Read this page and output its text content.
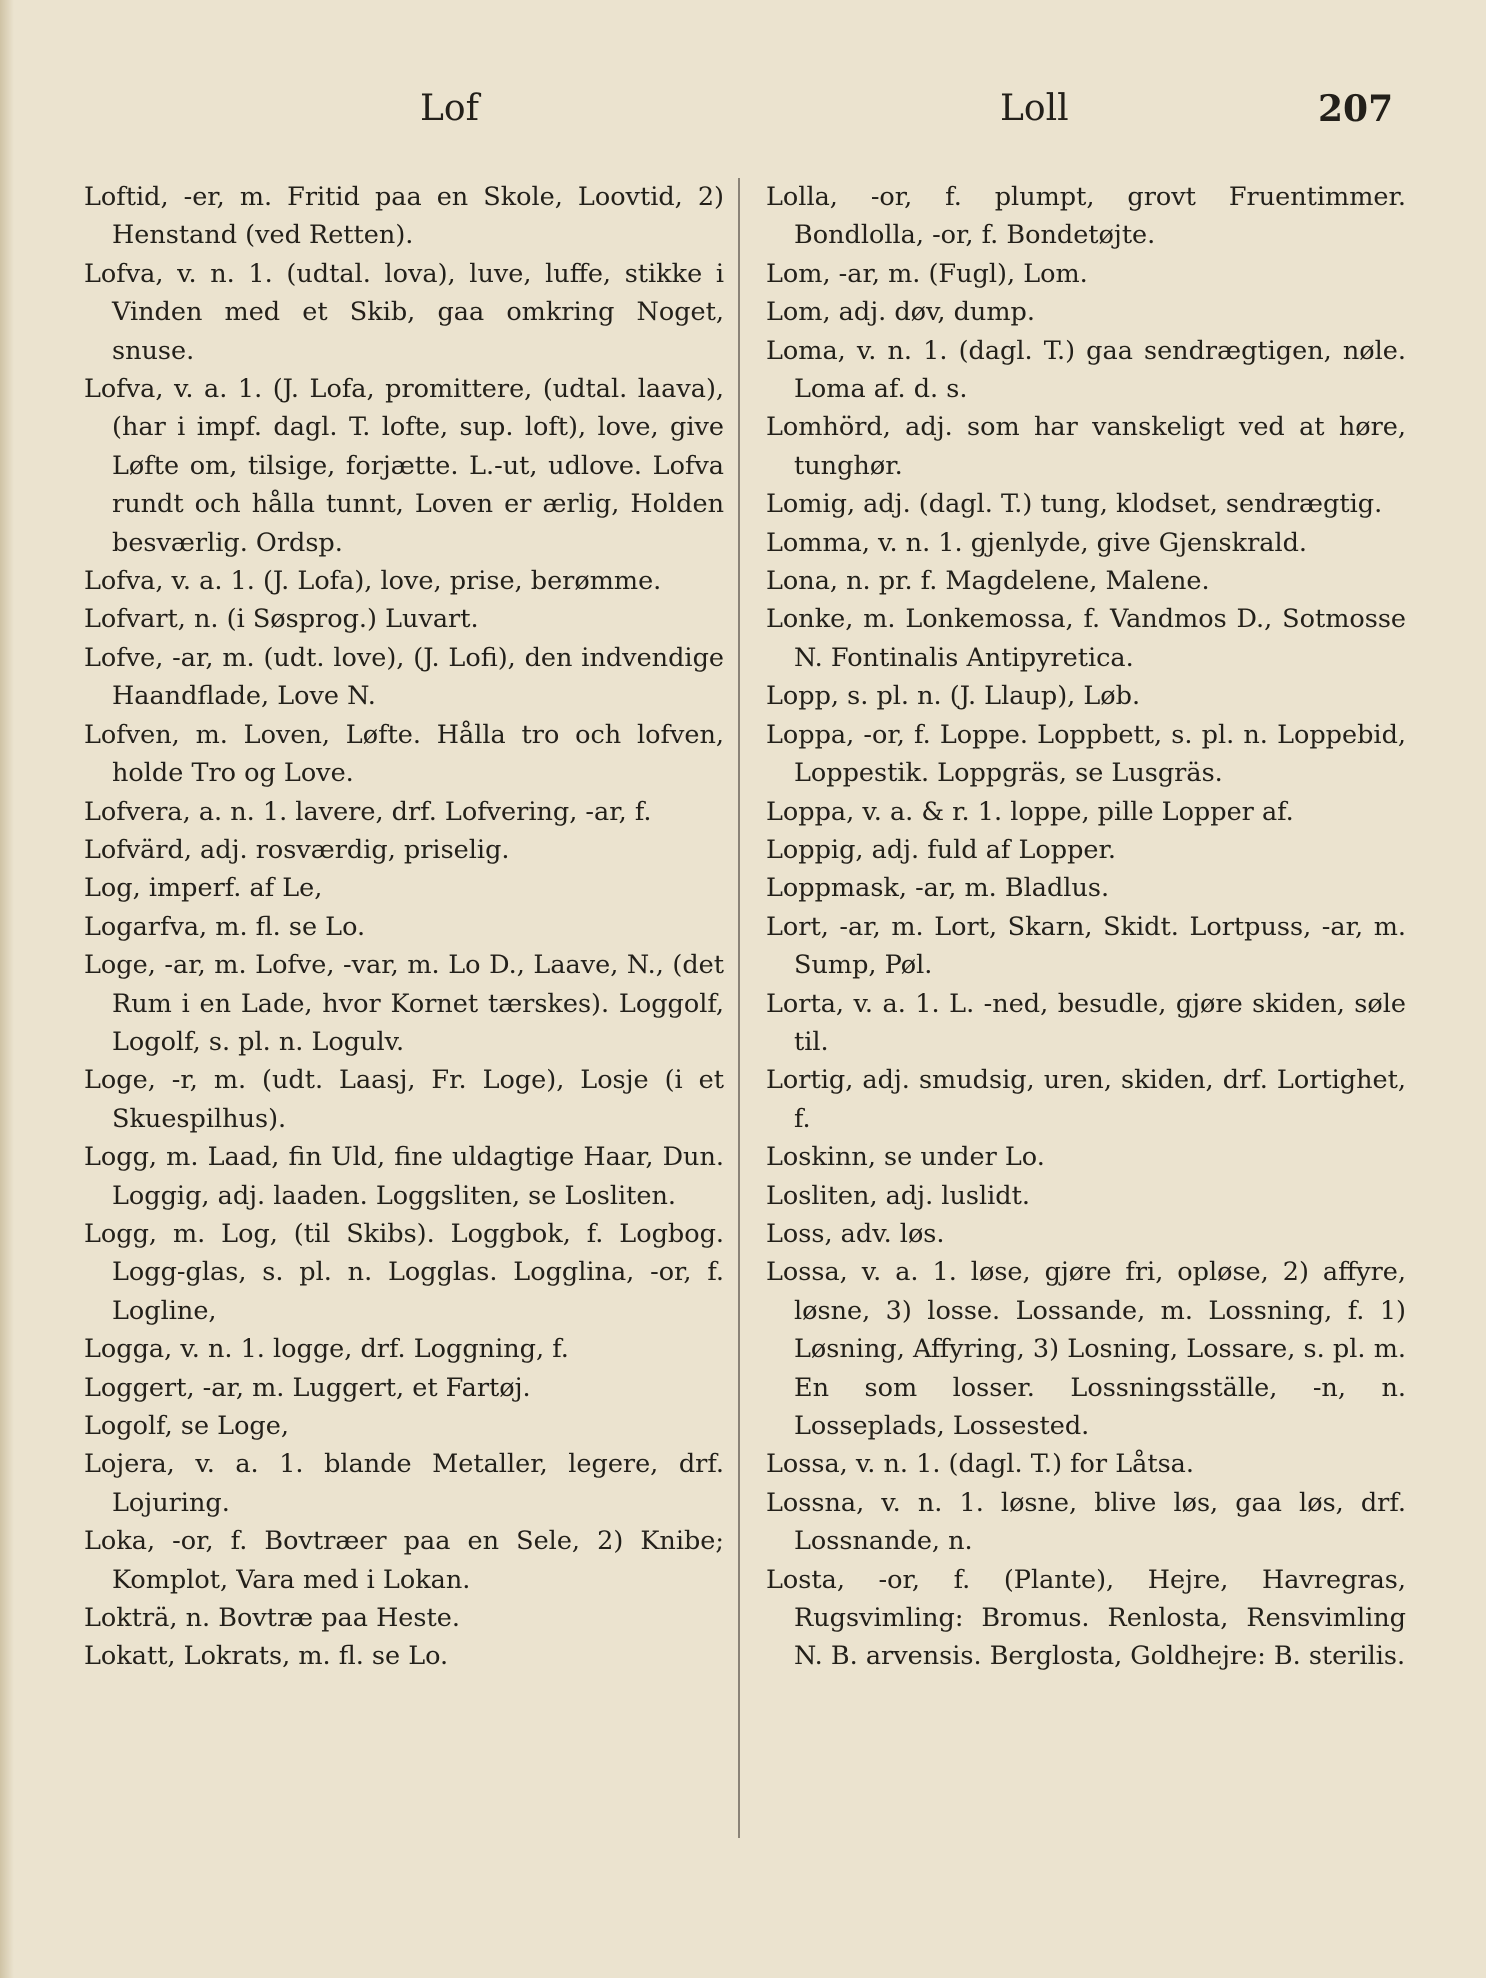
Lof	Loll	207
Loftid, -er, m. Fritid paa en Skole, Loovtid, 2) Henstand (ved Retten).
Lofva, v. n. 1. (udtal. lova), luve, luffe, stikke i Vinden med et Skib, gaa omkring Noget, snuse.
Lofva, v. a. 1. (J. Lofa, promittere, (udtal. laava), (har i impf. dagl. T. lofte, sup. loft), love, give Løfte om, tilsige, forjætte. L.-ut, udlove. Lofva rundt och hålla tunnt, Loven er ærlig, Holden besværlig. Ordsp.
Lofva, v. a. 1. (J. Lofa), love, prise, berømme.
Lofvart, n. (i Søsprog.) Luvart.
Lofve, -ar, m. (udt. love), (J. Lofi), den indvendige Haandflade, Love N.
Lofven, m. Loven, Løfte. Hålla tro och lofven, holde Tro og Love.
Lofvera, a. n. 1. lavere, drf. Lofvering, -ar, f.
Lofvärd, adj. rosværdig, priselig.
Log, imperf. af Le,
Logarfva, m. fl. se Lo.
Loge, -ar, m. Lofve, -var, m. Lo D., Laave, N., (det Rum i en Lade, hvor Kornet tærskes). Loggolf, Logolf, s. pl. n. Logulv.
Loge, -r, m. (udt. Laasj, Fr. Loge), Losje (i et Skuespilhus).
Logg, m. Laad, fin Uld, fine uldagtige Haar, Dun. Loggig, adj. laaden. Loggsliten, se Losliten.
Logg, m. Log, (til Skibs). Loggbok, f. Logbog. Logg-glas, s. pl. n. Logglas. Logglina, -or, f. Logline,
Logga, v. n. 1. logge, drf. Loggning, f.
Loggert, -ar, m. Luggert, et Fartøj.
Logolf, se Loge,
Lojera, v. a. 1. blande Metaller, legere, drf. Lojuring.
Loka, -or, f. Bovtræer paa en Sele, 2) Knibe; Komplot, Vara med i Lokan.
Lokträ, n. Bovtræ paa Heste.
Lokatt, Lokrats, m. fl. se Lo.
Lolla, -or, f. plumpt, grovt Fruentimmer. Bondlolla, -or, f. Bondetøjte.
Lom, -ar, m. (Fugl), Lom.
Lom, adj. døv, dump.
Loma, v. n. 1. (dagl. T.) gaa sendrægtigen, nøle. Loma af. d. s.
Lomhörd, adj. som har vanskeligt ved at høre, tunghør.
Lomig, adj. (dagl. T.) tung, klodset, sendrægtig.
Lomma, v. n. 1. gjenlyde, give Gjenskrald.
Lona, n. pr. f. Magdelene, Malene.
Lonke, m. Lonkemossa, f. Vandmos D., Sotmosse N. Fontinalis Antipyretica.
Lopp, s. pl. n. (J. Llaup), Løb.
Loppa, -or, f. Loppe. Loppbett, s. pl. n. Loppebid, Loppestik. Loppgräs, se Lusgräs.
Loppa, v. a. & r. 1. loppe, pille Lopper af.
Loppig, adj. fuld af Lopper.
Loppmask, -ar, m. Bladlus.
Lort, -ar, m. Lort, Skarn, Skidt. Lortpuss, -ar, m. Sump, Pøl.
Lorta, v. a. 1. L. -ned, besudle, gjøre skiden, søle til.
Lortig, adj. smudsig, uren, skiden, drf. Lortighet, f.
Loskinn, se under Lo.
Losliten, adj. luslidt.
Loss, adv. løs.
Lossa, v. a. 1. løse, gjøre fri, opløse, 2) affyre, løsne, 3) losse. Lossande, m. Lossning, f. 1) Løsning, Affyring, 3) Losning, Lossare, s. pl. m. En som losser. Lossningsställe, -n, n. Losseplads, Lossested.
Lossa, v. n. 1. (dagl. T.) for Låtsa.
Lossna, v. n. 1. løsne, blive løs, gaa løs, drf. Lossnande, n.
Losta, -or, f. (Plante), Hejre, Havregras, Rugsvimling: Bromus. Renlosta, Rensvimling N. B. arvensis. Berglosta, Goldhejre: B. sterilis.
